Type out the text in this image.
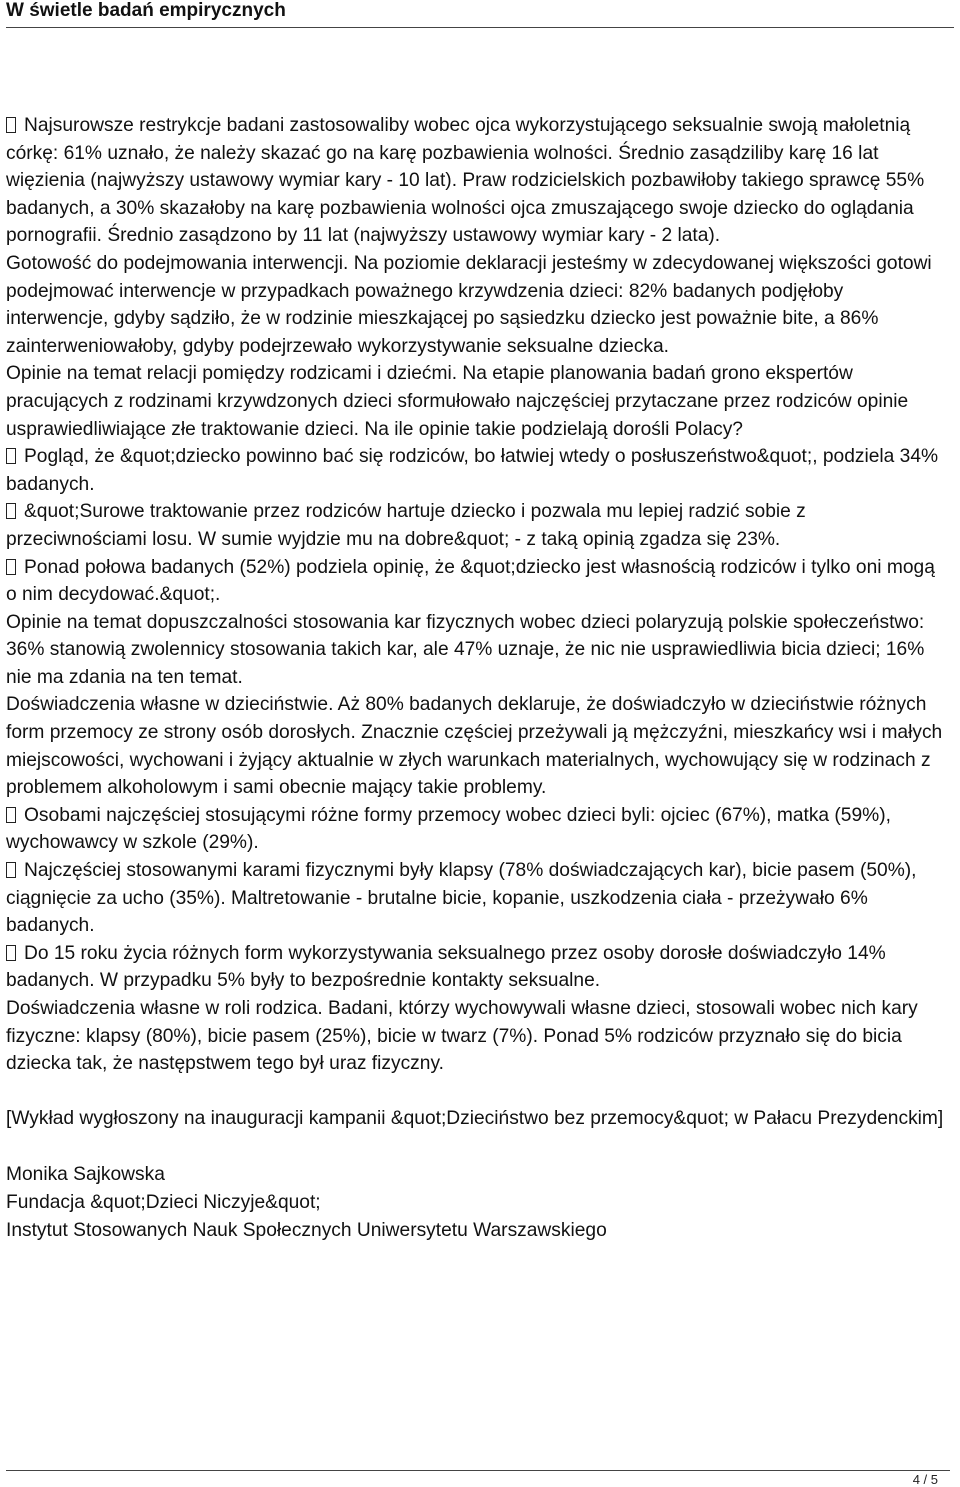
W świetle badań empirycznych

Najsurowsze restrykcje badani zastosowaliby wobec ojca wykorzystującego seksualnie swoją małoletnią córkę: 61% uznało, że należy skazać go na karę pozbawienia wolności. Średnio zasądziliby karę 16 lat więzienia (najwyższy ustawowy wymiar kary - 10 lat). Praw rodzicielskich pozbawiłoby takiego sprawcę 55% badanych, a 30% skazałoby na karę pozbawienia wolności ojca zmuszającego swoje dziecko do oglądania pornografii. Średnio zasądzono by 11 lat (najwyższy ustawowy wymiar kary - 2 lata).

Gotowość do podejmowania interwencji. Na poziomie deklaracji jesteśmy w zdecydowanej większości gotowi podejmować interwencje w przypadkach poważnego krzywdzenia dzieci: 82% badanych podjęłoby interwencje, gdyby sądziło, że w rodzinie mieszkającej po sąsiedzku dziecko jest poważnie bite, a 86% zainterweniowałoby, gdyby podejrzewało wykorzystywanie seksualne dziecka.

Opinie na temat relacji pomiędzy rodzicami i dziećmi. Na etapie planowania badań grono ekspertów pracujących z rodzinami krzywdzonych dzieci sformułowało najczęściej przytaczane przez rodziców opinie usprawiedliwiające złe traktowanie dzieci. Na ile opinie takie podzielają dorośli Polacy?

Pogląd, że &quot;dziecko powinno bać się rodziców, bo łatwiej wtedy o posłuszeństwo&quot;, podziela 34% badanych.

&quot;Surowe traktowanie przez rodziców hartuje dziecko i pozwala mu lepiej radzić sobie z przeciwnościami losu. W sumie wyjdzie mu na dobre&quot; - z taką opinią zgadza się 23%.

Ponad połowa badanych (52%) podziela opinię, że &quot;dziecko jest własnością rodziców i tylko oni mogą o nim decydować.&quot;.

Opinie na temat dopuszczalności stosowania kar fizycznych wobec dzieci polaryzują polskie społeczeństwo: 36% stanowią zwolennicy stosowania takich kar, ale 47% uznaje, że nic nie usprawiedliwia bicia dzieci; 16% nie ma zdania na ten temat.

Doświadczenia własne w dzieciństwie. Aż 80% badanych deklaruje, że doświadczyło w dzieciństwie różnych form przemocy ze strony osób dorosłych. Znacznie częściej przeżywali ją mężczyźni, mieszkańcy wsi i małych miejscowości, wychowani i żyjący aktualnie w złych warunkach materialnych, wychowujący się w rodzinach z problemem alkoholowym i sami obecnie mający takie problemy.

Osobami najczęściej stosującymi różne formy przemocy wobec dzieci byli: ojciec (67%), matka (59%), wychowawcy w szkole (29%).

Najczęściej stosowanymi karami fizycznymi były klapsy (78% doświadczających kar), bicie pasem (50%), ciągnięcie za ucho (35%). Maltretowanie - brutalne bicie, kopanie, uszkodzenia ciała - przeżywało 6% badanych.

Do 15 roku życia różnych form wykorzystywania seksualnego przez osoby dorosłe doświadczyło 14% badanych. W przypadku 5% były to bezpośrednie kontakty seksualne.

Doświadczenia własne w roli rodzica. Badani, którzy wychowywali własne dzieci, stosowali wobec nich kary fizyczne: klapsy (80%), bicie pasem (25%), bicie w twarz (7%). Ponad 5% rodziców przyznało się do bicia dziecka tak, że następstwem tego był uraz fizyczny.

[Wykład wygłoszony na inauguracji kampanii &quot;Dzieciństwo bez przemocy&quot; w Pałacu Prezydenckim]

Monika Sajkowska

Fundacja &quot;Dzieci Niczyje&quot;

Instytut Stosowanych Nauk Społecznych Uniwersytetu Warszawskiego

4 / 5
